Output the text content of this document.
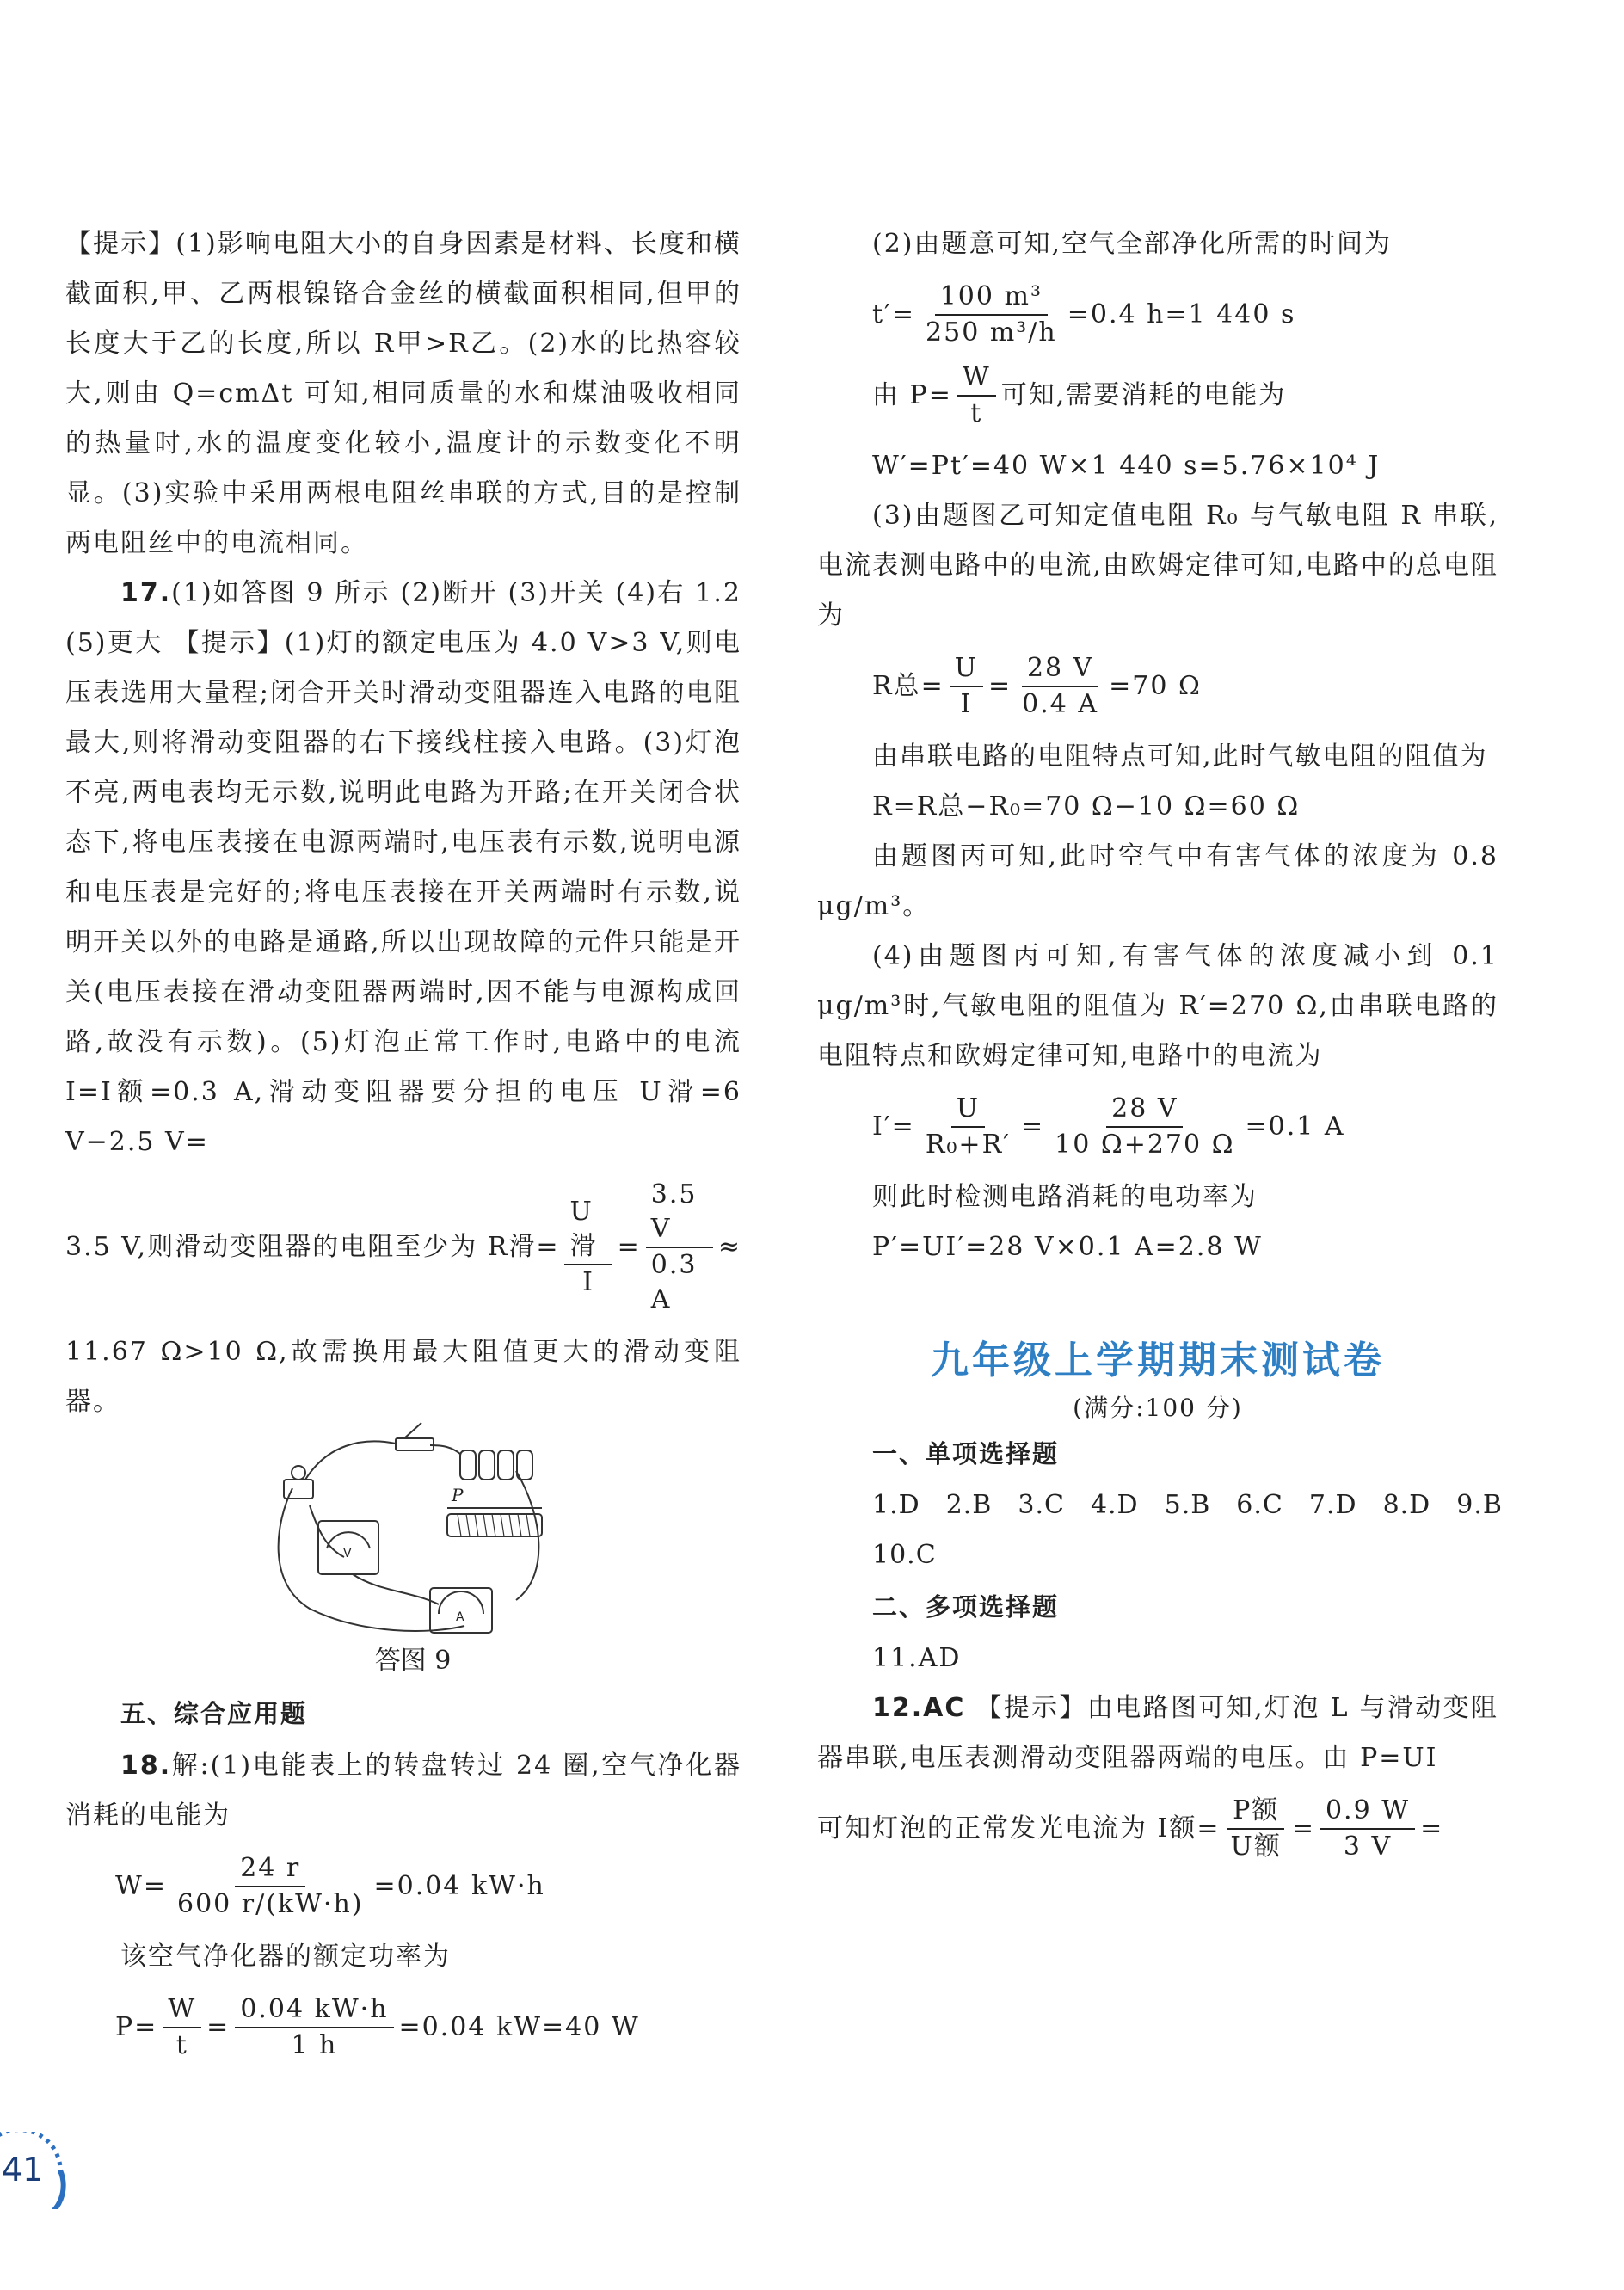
【提示】(1)影响电阻大小的自身因素是材料、长度和横截面积,甲、乙两根镍铬合金丝的横截面积相同,但甲的长度大于乙的长度,所以 R甲>R乙。(2)水的比热容较大,则由 Q=cmΔt 可知,相同质量的水和煤油吸收相同的热量时,水的温度变化较小,温度计的示数变化不明显。(3)实验中采用两根电阻丝串联的方式,目的是控制两电阻丝中的电流相同。

17.(1)如答图 9 所示 (2)断开 (3)开关 (4)右 1.2 (5)更大 【提示】(1)灯的额定电压为 4.0 V>3 V,则电压表选用大量程;闭合开关时滑动变阻器连入电路的电阻最大,则将滑动变阻器的右下接线柱接入电路。(3)灯泡不亮,两电表均无示数,说明此电路为开路;在开关闭合状态下,将电压表接在电源两端时,电压表有示数,说明电源和电压表是完好的;将电压表接在开关两端时有示数,说明开关以外的电路是通路,所以出现故障的元件只能是开关(电压表接在滑动变阻器两端时,因不能与电源构成回路,故没有示数)。(5)灯泡正常工作时,电路中的电流 I=I额=0.3 A,滑动变阻器要分担的电压 U滑=6 V−2.5 V=

3.5 V,则滑动变阻器的电阻至少为 R滑= $\frac{\text{U滑}}{I} = \frac{3.5 V}{0.3 A}$ ≈

11.67 Ω>10 Ω,故需换用最大阻值更大的滑动变阻器。

P
V
A
答图 9

五、综合应用题

18.解:(1)电能表上的转盘转过 24 圈,空气净化器消耗的电能为

$W= \frac{24 r}{600 r/(kW\cdot h)} =0.04$ kW·h

该空气净化器的额定功率为

$P= \frac{W}{t} = \frac{0.04 kW\cdot h}{1 h} =0.04$ kW=40 W

(2)由题意可知,空气全部净化所需的时间为

$t'= \frac{\text{100 m³}}{\text{250 m³/h}} =0.4$ h=1 440 s
由 $P= \frac{W}{t}$ 可知,需要消耗的电能为

W′=Pt′=40 W×1 440 s=5.76×10⁴ J

(3)由题图乙可知定值电阻 R₀ 与气敏电阻 R 串联,电流表测电路中的电流,由欧姆定律可知,电路中的总电阻为

R总= $\frac{U}{I} = \frac{28 V}{0.4 A} =70$ Ω

由串联电路的电阻特点可知,此时气敏电阻的阻值为

R=R总−R₀=70 Ω−10 Ω=60 Ω

由题图丙可知,此时空气中有害气体的浓度为 0.8 μg/m³。

(4)由题图丙可知,有害气体的浓度减小到 0.1 μg/m³时,气敏电阻的阻值为 R′=270 Ω,由串联电路的电阻特点和欧姆定律可知,电路中的电流为

$I'= \frac{U}{\text{R₀+R′}} = \frac{28 V}{10 \Omega+270 \Omega} =0.1$ A

则此时检测电路消耗的电功率为

P′=UI′=28 V×0.1 A=2.8 W

九年级上学期期末测试卷
(满分:100 分)

一、单项选择题

1.D 2.B 3.C 4.D 5.B 6.C 7.D 8.D 9.B
10.C

二、多项选择题

11.AD

12.AC 【提示】由电路图可知,灯泡 L 与滑动变阻器串联,电压表测滑动变阻器两端的电压。由 P=UI

可知灯泡的正常发光电流为 I额= $\frac{\text{P额}}{\text{U额}} = \frac{0.9 W}{3 V}$ =
41
